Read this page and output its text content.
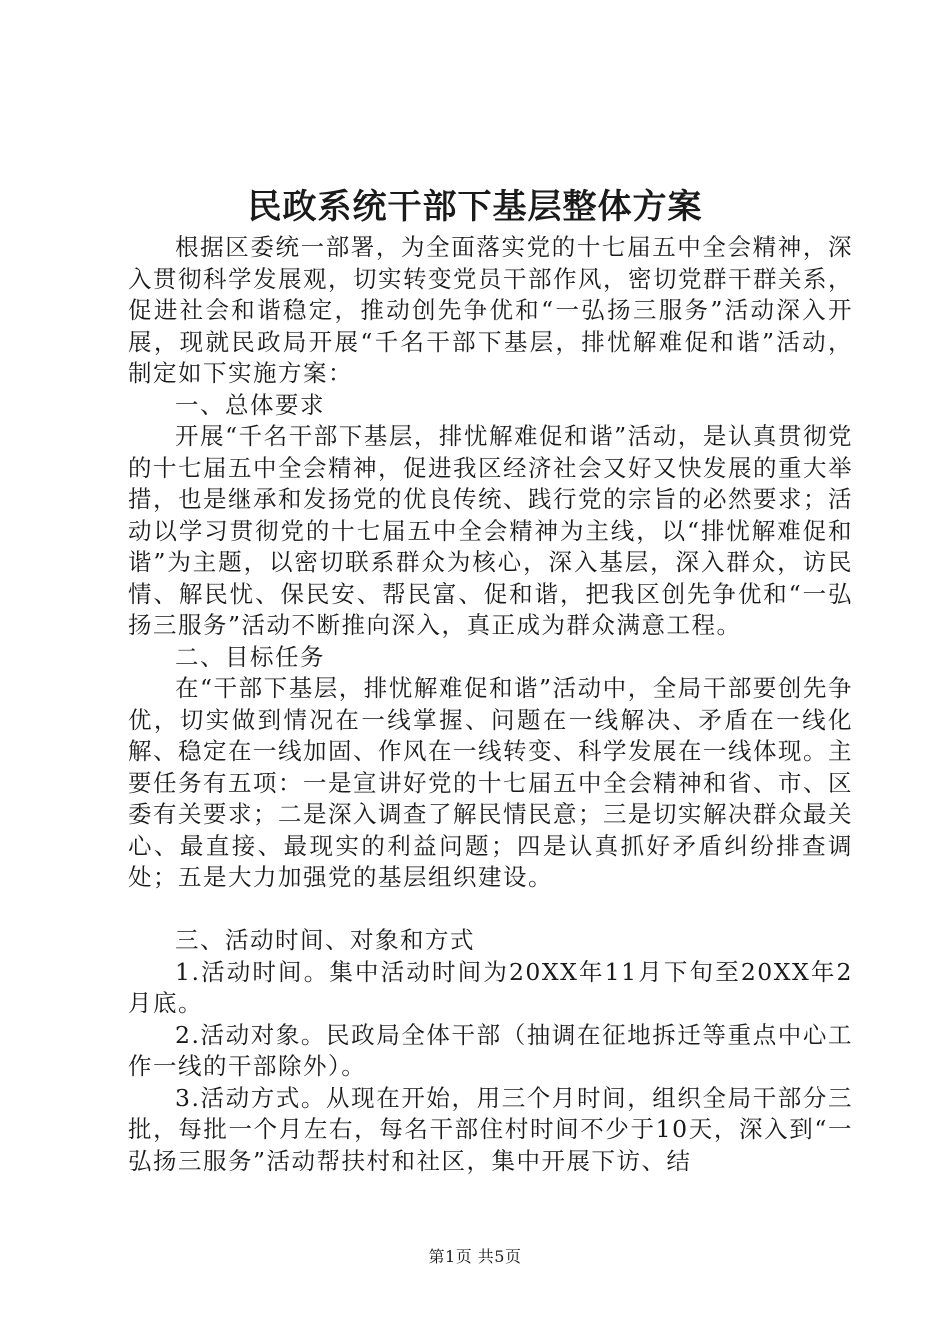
民政系统干部下基层整体方案

根据区委统一部署，为全面落实党的十七届五中全会精神，深入贯彻科学发展观，切实转变党员干部作风，密切党群干群关系，促进社会和谐稳定，推动创先争优和“一弘扬三服务”活动深入开展，现就民政局开展“千名干部下基层，排忧解难促和谐”活动，制定如下实施方案：

一、总体要求

开展“千名干部下基层，排忧解难促和谐”活动，是认真贯彻党的十七届五中全会精神，促进我区经济社会又好又快发展的重大举措，也是继承和发扬党的优良传统、践行党的宗旨的必然要求；活动以学习贯彻党的十七届五中全会精神为主线，以“排忧解难促和谐”为主题，以密切联系群众为核心，深入基层，深入群众，访民情、解民忧、保民安、帮民富、促和谐，把我区创先争优和“一弘扬三服务”活动不断推向深入，真正成为群众满意工程。

二、目标任务

在“干部下基层，排忧解难促和谐”活动中，全局干部要创先争优，切实做到情况在一线掌握、问题在一线解决、矛盾在一线化解、稳定在一线加固、作风在一线转变、科学发展在一线体现。主要任务有五项：一是宣讲好党的十七届五中全会精神和省、市、区委有关要求；二是深入调查了解民情民意；三是切实解决群众最关心、最直接、最现实的利益问题；四是认真抓好矛盾纠纷排查调处；五是大力加强党的基层组织建设。

三、活动时间、对象和方式

1.活动时间。集中活动时间为20XX年11月下旬至20XX年2月底。

2.活动对象。民政局全体干部（抽调在征地拆迁等重点中心工作一线的干部除外）。

3.活动方式。从现在开始，用三个月时间，组织全局干部分三批，每批一个月左右，每名干部住村时间不少于10天，深入到“一弘扬三服务”活动帮扶村和社区，集中开展下访、结

第1页 共5页
